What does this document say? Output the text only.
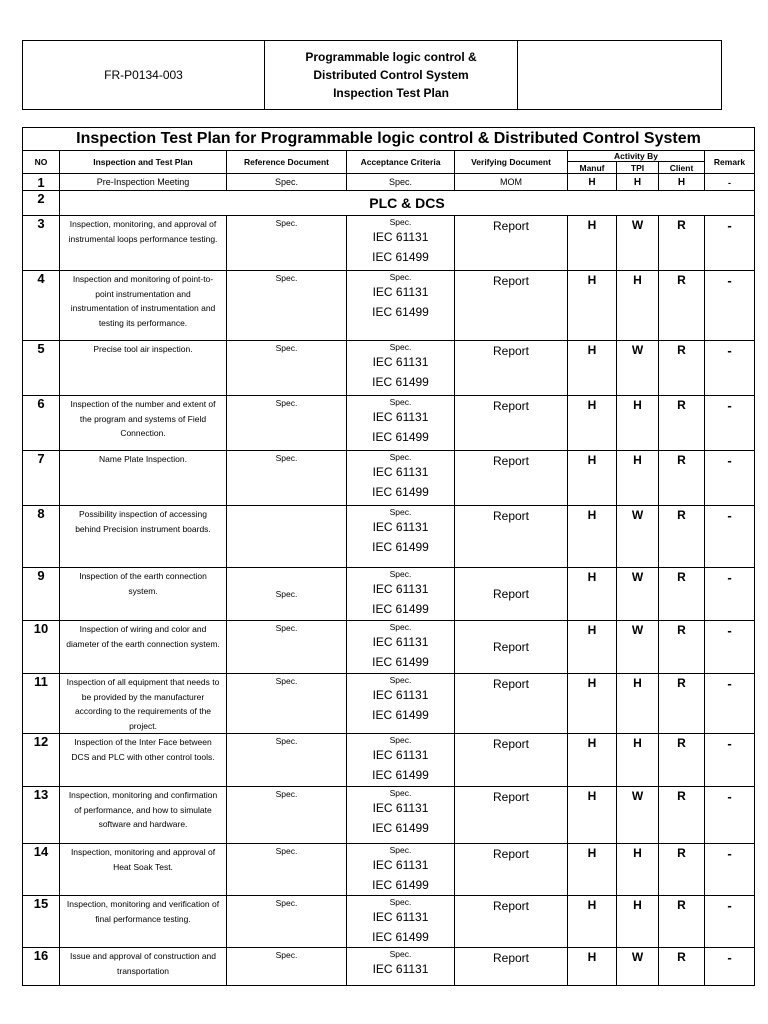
FR-P0134-003	
Programmable logic control &
Distributed Control System
Inspection Test Plan

Inspection Test Plan for Programmable logic control & Distributed Control System								
NO	Inspection and Test Plan	Reference Document	Acceptance Criteria	Verifying Document	Activity By			Remark
					Manuf	TPI	Client	
1	Pre-Inspection Meeting	Spec.	Spec.	MOM	H	H	H	-
2	PLC & DCS							
3	Inspection, monitoring, and approval of instrumental loops performance testing.	Spec.	Spec.
IEC 61131
IEC 61499	Report	H	W	R	-
4	Inspection and monitoring of point-to-point instrumentation and instrumentation of instrumentation and testing its performance.	Spec.	Spec.
IEC 61131
IEC 61499	Report	H	H	R	-
5	Precise tool air inspection.	Spec.	Spec.
IEC 61131
IEC 61499	Report	H	W	R	-
6	Inspection of the number and extent of the program and systems of Field Connection.	Spec.	Spec.
IEC 61131
IEC 61499	Report	H	H	R	-
7	Name Plate Inspection.	Spec.	Spec.
IEC 61131
IEC 61499	Report	H	H	R	-
8	Possibility inspection of accessing behind Precision instrument boards.		Spec.
IEC 61131
IEC 61499	Report	H	W	R	-
9	Inspection of the earth connection system.	Spec.	Spec.
IEC 61131
IEC 61499	Report	H	W	R	-
10	Inspection of wiring and color and diameter of the earth connection system.	Spec.	Spec.
IEC 61131
IEC 61499	Report	H	W	R	-
11	Inspection of all equipment that needs to be provided by the manufacturer according to the requirements of the project.	Spec.	Spec.
IEC 61131
IEC 61499	Report	H	H	R	-
12	Inspection of the Inter Face between DCS and PLC with other control tools.	Spec.	Spec.
IEC 61131
IEC 61499	Report	H	H	R	-
13	Inspection, monitoring and confirmation of performance, and how to simulate software and hardware.	Spec.	Spec.
IEC 61131
IEC 61499	Report	H	W	R	-
14	Inspection, monitoring and approval of Heat Soak Test.	Spec.	Spec.
IEC 61131
IEC 61499	Report	H	H	R	-
15	Inspection, monitoring and verification of final performance testing.	Spec.	Spec.
IEC 61131
IEC 61499	Report	H	H	R	-
16	Issue and approval of construction and transportation	Spec.	Spec.
IEC 61131	Report	H	W	R	-
